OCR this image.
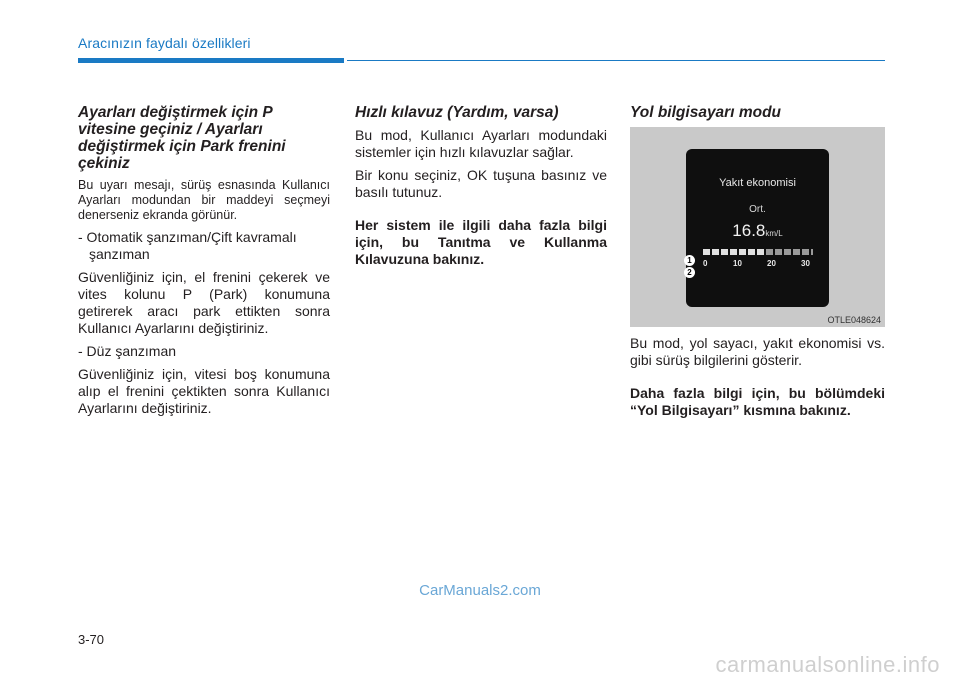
Aracınızın faydalı özellikleri
Ayarları değiştirmek için P vitesine geçiniz / Ayarları değiştirmek için Park frenini çekiniz
Bu uyarı mesajı, sürüş esnasında Kullanıcı Ayarları modundan bir maddeyi seçmeyi denerseniz ekranda görünür.
- Otomatik şanzıman/Çift kavramalı şanzıman
Güvenliğiniz için, el frenini çekerek ve vites kolunu P (Park) konumuna getirerek aracı park ettikten sonra Kullanıcı Ayarlarını değiştiriniz.
- Düz şanzıman
Güvenliğiniz için, vitesi boş konumuna alıp el frenini çektikten sonra Kullanıcı Ayarlarını değiştiriniz.
Hızlı kılavuz (Yardım, varsa)
Bu mod, Kullanıcı Ayarları modundaki sistemler için hızlı kılavuzlar sağlar.
Bir konu seçiniz, OK tuşuna basınız ve basılı tutunuz.
Her sistem ile ilgili daha fazla bilgi için, bu Tanıtma ve Kullanma Kılavuzuna bakınız.
Yol bilgisayarı modu
Yakıt ekonomisi
Ort.
16.8km/L
0	10	20	30
1
2
OTLE048624
Bu mod, yol sayacı, yakıt ekonomisi vs. gibi sürüş bilgilerini gösterir.
Daha fazla bilgi için, bu bölümdeki “Yol Bilgisayarı” kısmına bakınız.
CarManuals2.com
3-70
carmanualsonline.info
